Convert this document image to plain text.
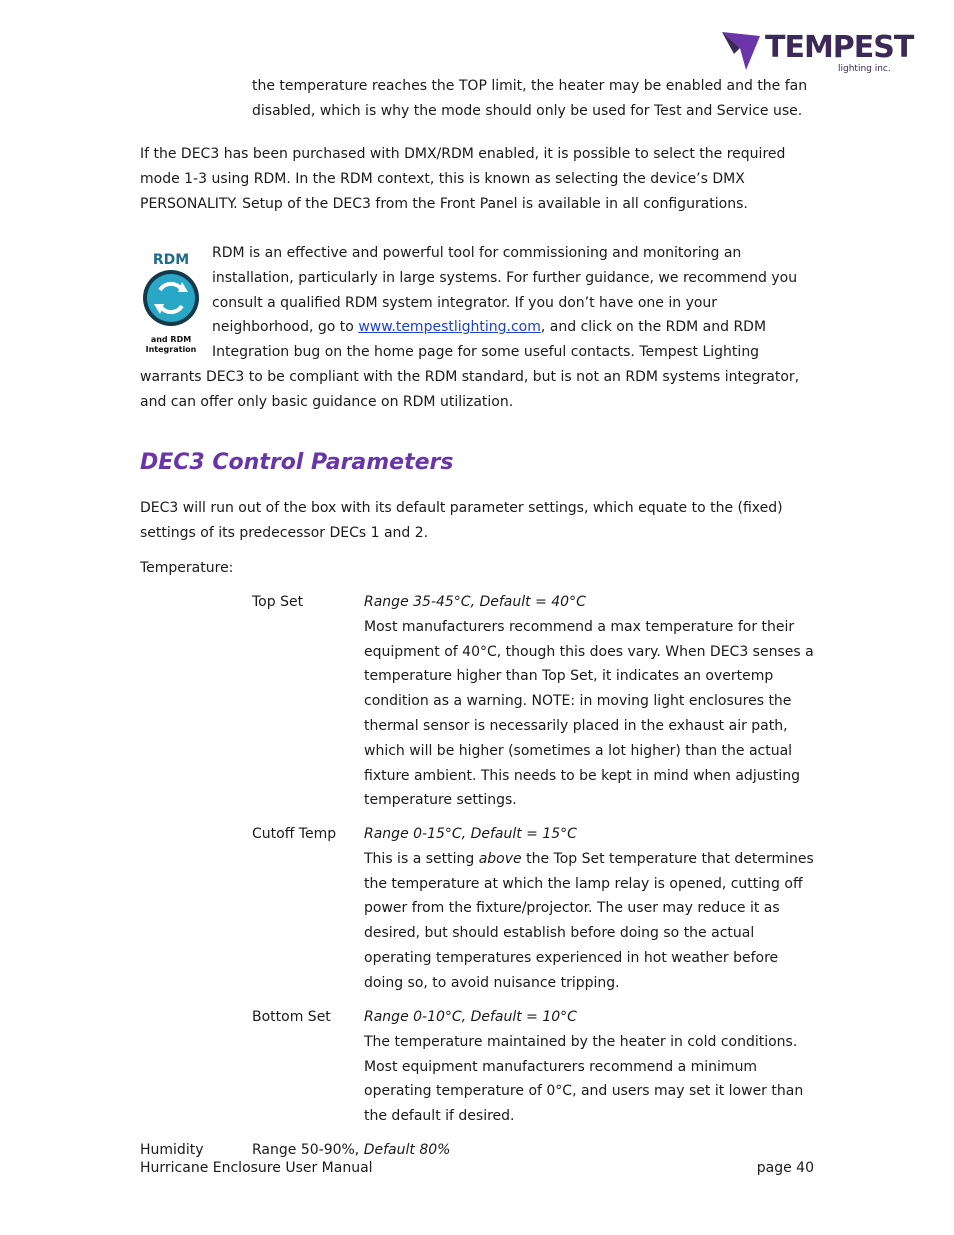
TEMPEST
lighting inc.

the temperature reaches the TOP limit, the heater may be enabled and the fan disabled, which is why the mode should only be used for Test and Service use.

If the DEC3 has been purchased with DMX/RDM enabled, it is possible to select the required mode 1-3 using RDM. In the RDM context, this is known as selecting the device’s DMX PERSONALITY. Setup of the DEC3 from the Front Panel is available in all configurations.

RDM
and RDM
Integration

RDM is an effective and powerful tool for commissioning and monitoring an installation, particularly in large systems. For further guidance, we recommend you consult a qualified RDM system integrator. If you don’t have one in your neighborhood, go to www.tempestlighting.com, and click on the RDM and RDM Integration bug on the home page for some useful contacts. Tempest Lighting warrants DEC3 to be compliant with the RDM standard, but is not an RDM systems integrator, and can offer only basic guidance on RDM utilization.

DEC3 Control Parameters

DEC3 will run out of the box with its default parameter settings, which equate to the (fixed) settings of its predecessor DECs 1 and 2.

Temperature:
Top Set	Range 35-45°C, Default = 40°C

Most manufacturers recommend a max temperature for their equipment of 40°C, though this does vary. When DEC3 senses a temperature higher than Top Set, it indicates an overtemp condition as a warning. NOTE: in moving light enclosures the thermal sensor is necessarily placed in the exhaust air path, which will be higher (sometimes a lot higher) than the actual fixture ambient. This needs to be kept in mind when adjusting temperature settings.

Cutoff Temp Range 0-15°C, Default = 15°C

This is a setting above the Top Set temperature that determines the temperature at which the lamp relay is opened, cutting off power from the fixture/projector. The user may reduce it as desired, but should establish before doing so the actual operating temperatures experienced in hot weather before doing so, to avoid nuisance tripping.

Bottom Set Range 0-10°C, Default = 10°C

The temperature maintained by the heater in cold conditions. Most equipment manufacturers recommend a minimum operating temperature of 0°C, and users may set it lower than the default if desired.

Humidity	Range 50-90%, Default 80%
Hurricane Enclosure User Manual	page 40
